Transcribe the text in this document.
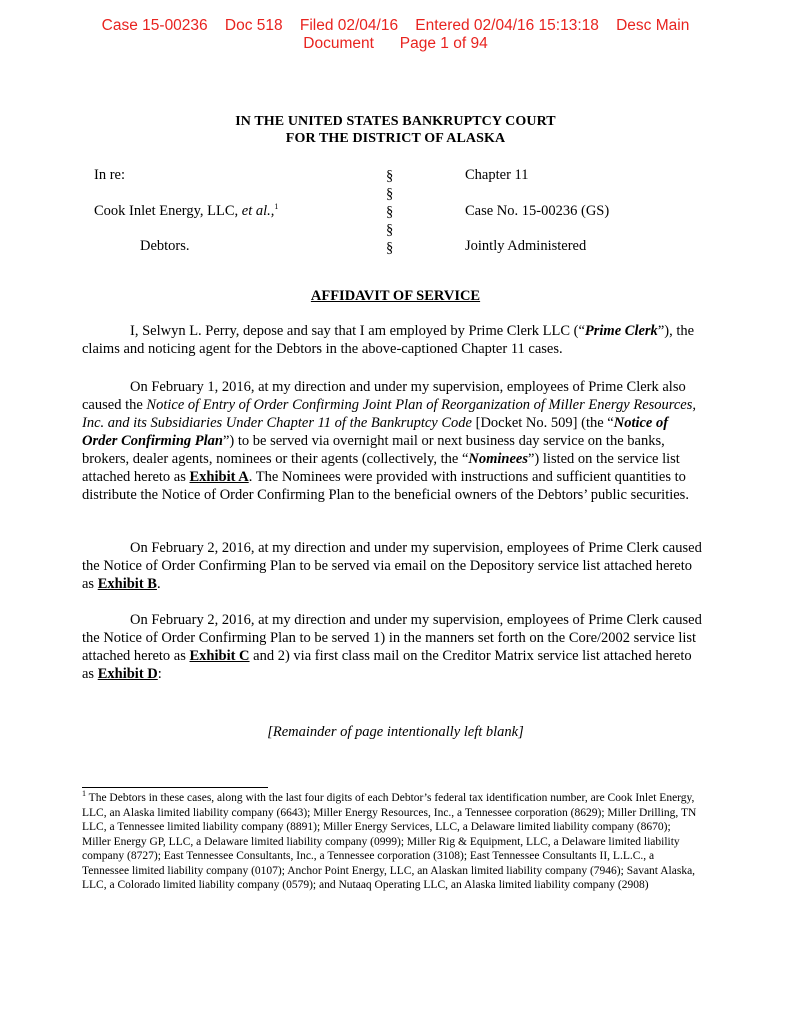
Case 15-00236    Doc 518    Filed 02/04/16    Entered 02/04/16 15:13:18    Desc Main
Document      Page 1 of 94
IN THE UNITED STATES BANKRUPTCY COURT
FOR THE DISTRICT OF ALASKA
In re:
Cook Inlet Energy, LLC, et al.,$^1$
Debtors.
§
§
§
§
§
Chapter 11
Case No. 15-00236 (GS)
Jointly Administered
AFFIDAVIT OF SERVICE
I, Selwyn L. Perry, depose and say that I am employed by Prime Clerk LLC (“Prime Clerk”), the claims and noticing agent for the Debtors in the above-captioned Chapter 11 cases.
On February 1, 2016, at my direction and under my supervision, employees of Prime Clerk also caused the Notice of Entry of Order Confirming Joint Plan of Reorganization of Miller Energy Resources, Inc. and its Subsidiaries Under Chapter 11 of the Bankruptcy Code [Docket No. 509] (the “Notice of Order Confirming Plan”) to be served via overnight mail or next business day service on the banks, brokers, dealer agents, nominees or their agents (collectively, the “Nominees”) listed on the service list attached hereto as Exhibit A. The Nominees were provided with instructions and sufficient quantities to distribute the Notice of Order Confirming Plan to the beneficial owners of the Debtors’ public securities.
On February 2, 2016, at my direction and under my supervision, employees of Prime Clerk caused the Notice of Order Confirming Plan to be served via email on the Depository service list attached hereto as Exhibit B.
On February 2, 2016, at my direction and under my supervision, employees of Prime Clerk caused the Notice of Order Confirming Plan to be served 1) in the manners set forth on the Core/2002 service list attached hereto as Exhibit C and 2) via first class mail on the Creditor Matrix service list attached hereto as Exhibit D:
[Remainder of page intentionally left blank]
$^1$ The Debtors in these cases, along with the last four digits of each Debtor’s federal tax identification number, are Cook Inlet Energy, LLC, an Alaska limited liability company (6643); Miller Energy Resources, Inc., a Tennessee corporation (8629); Miller Drilling, TN LLC, a Tennessee limited liability company (8891); Miller Energy Services, LLC, a Delaware limited liability company (8670); Miller Energy GP, LLC, a Delaware limited liability company (0999); Miller Rig & Equipment, LLC, a Delaware limited liability company (8727); East Tennessee Consultants, Inc., a Tennessee corporation (3108); East Tennessee Consultants II, L.L.C., a Tennessee limited liability company (0107); Anchor Point Energy, LLC, an Alaskan limited liability company (7946); Savant Alaska, LLC, a Colorado limited liability company (0579); and Nutaaq Operating LLC, an Alaska limited liability company (2908)
